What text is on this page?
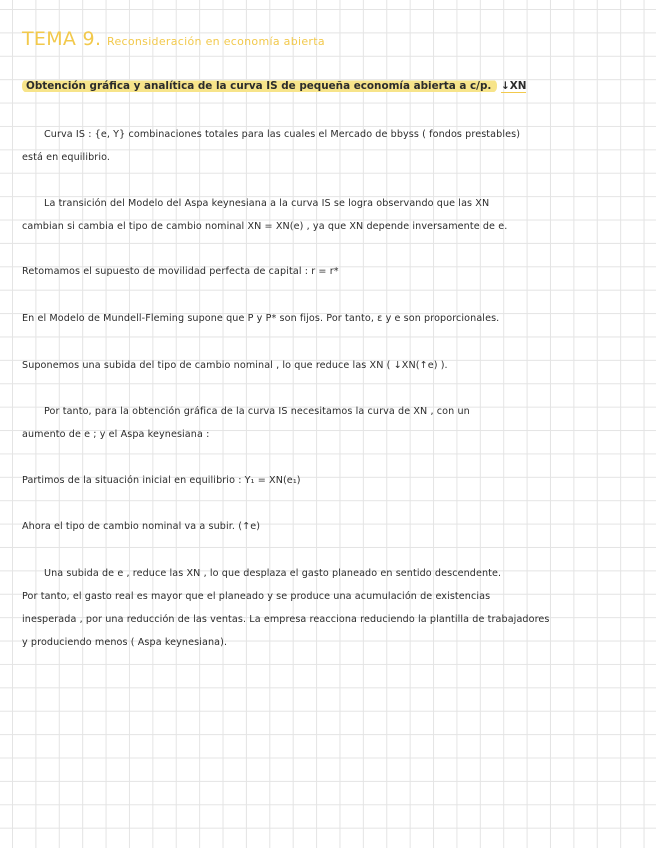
TEMA 9. Reconsideración en economía abierta
Obtención gráfica y analítica de la curva IS de pequeña economía abierta a c/p. ↓XN
Curva IS : {e, Y} combinaciones totales para las cuales el Mercado de bbyss ( fondos prestables)
está en equilibrio.
La transición del Modelo del Aspa keynesiana a la curva IS se logra observando que las XN
cambian si cambia el tipo de cambio nominal XN = XN(e) , ya que XN depende inversamente de e.
Retomamos el supuesto de movilidad perfecta de capital : r = r*
En el Modelo de Mundell-Fleming supone que P y P* son fijos. Por tanto, ε y e son proporcionales.
Suponemos una subida del tipo de cambio nominal , lo que reduce las XN ( ↓XN(↑e) ).
Por tanto, para la obtención gráfica de la curva IS necesitamos la curva de XN , con un
aumento de e ; y el Aspa keynesiana :
Partimos de la situación inicial en equilibrio : Y₁ = XN(e₁)
Ahora el tipo de cambio nominal va a subir. (↑e)
Una subida de e , reduce las XN , lo que desplaza el gasto planeado en sentido descendente.
Por tanto, el gasto real es mayor que el planeado y se produce una acumulación de existencias
inesperada , por una reducción de las ventas. La empresa reacciona reduciendo la plantilla de trabajadores
y produciendo menos ( Aspa keynesiana).
